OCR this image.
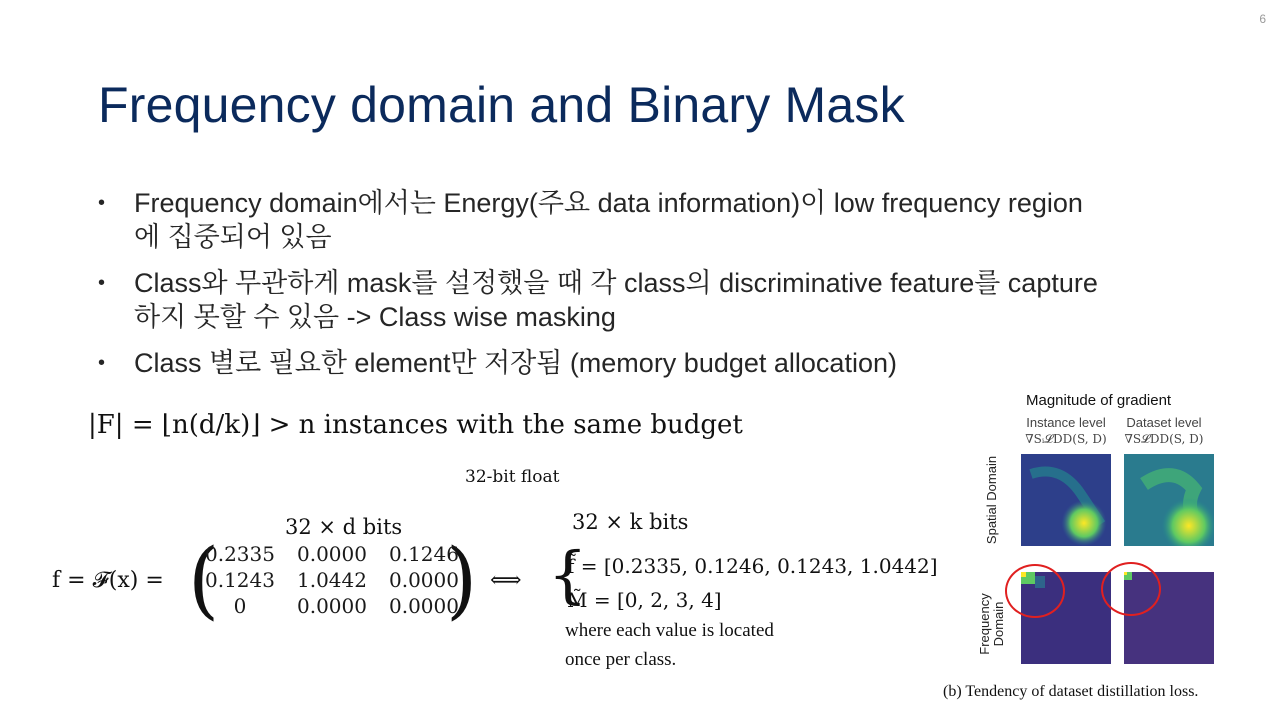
6
Frequency domain and Binary Mask
• Frequency domain에서는 Energy(주요 data information)이 low frequency region에 집중되어 있음
• Class와 무관하게 mask를 설정했을 때 각 class의 discriminative feature를 capture하지 못할 수 있음 -> Class wise masking
• Class 별로 필요한 element만 저장됨 (memory budget allocation)
|F| = ⌊n(d/k)⌋ > n instances with the same budget
32-bit float
32 × d bits	32 × k bits
f = 𝓕(x) = (	)
0.2335 0.0000 0.1246
0.1243 1.0442 0.0000
0	0.0000 0.0000
⟺ {
f̃ = [0.2335, 0.1246, 0.1243, 1.0442]
M̃ = [0, 2, 3, 4]
where each value is located
once per class.
Magnitude of gradient
Instance level	Dataset level
∇Sᵢ𝓛DD(S, D)	∇S𝓛DD(S, D)
Spatial Domain
Frequency Domain
(b) Tendency of dataset distillation loss.
